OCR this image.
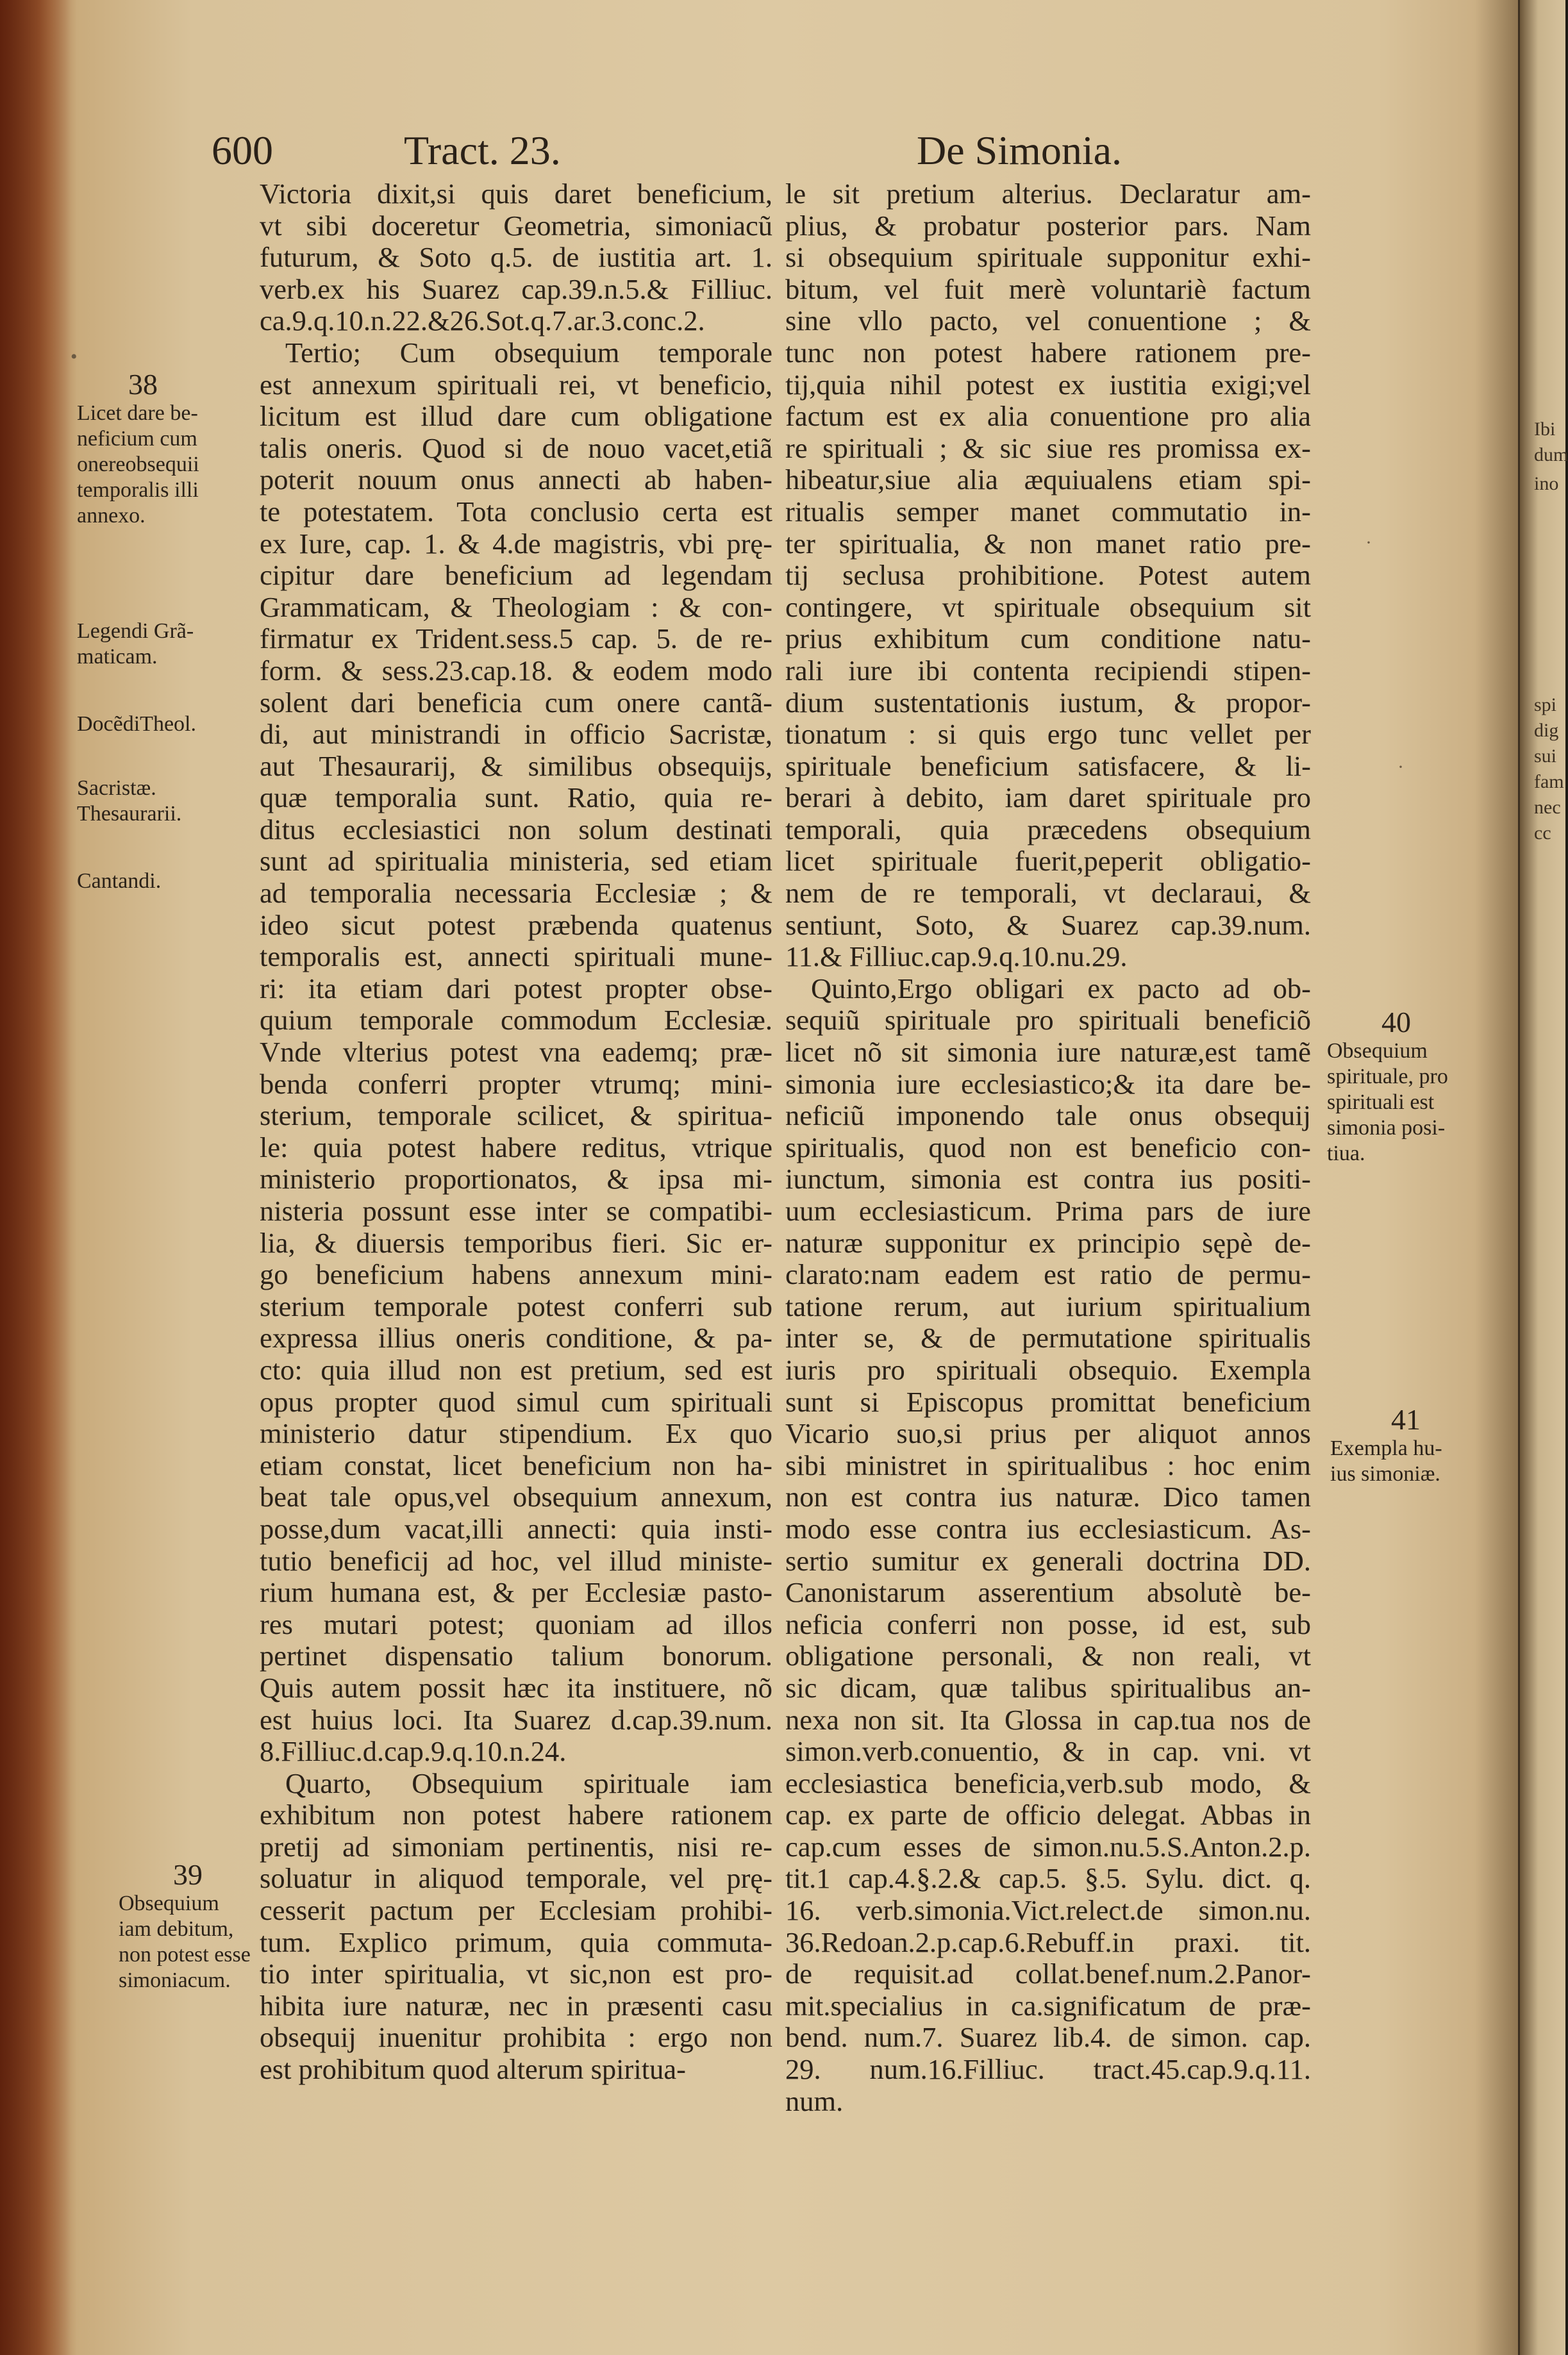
600	Tract. 23.	De Simonia.
Victoria dixit,si quis daret beneficium,
vt sibi doceretur Geometria, simoniacũ
futurum, & Soto q.5. de iustitia art. 1.
verb.ex his Suarez cap.39.n.5.& Filliuc.
ca.9.q.10.n.22.&26.Sot.q.7.ar.3.conc.2.
Tertio; Cum obsequium temporale
est annexum spirituali rei, vt beneficio,
licitum est illud dare cum obligatione
talis oneris. Quod si de nouo vacet,etiã
poterit nouum onus annecti ab haben-
te potestatem. Tota conclusio certa est
ex Iure, cap. 1. & 4.de magistris, vbi prę-
cipitur dare beneficium ad legendam
Grammaticam, & Theologiam : & con-
firmatur ex Trident.sess.5 cap. 5. de re-
form. & sess.23.cap.18. & eodem modo
solent dari beneficia cum onere cantã-
di, aut ministrandi in officio Sacristæ,
aut Thesaurarij, & similibus obsequijs,
quæ temporalia sunt. Ratio, quia re-
ditus ecclesiastici non solum destinati
sunt ad spiritualia ministeria, sed etiam
ad temporalia necessaria Ecclesiæ ; &
ideo sicut potest præbenda quatenus
temporalis est, annecti spirituali mune-
ri: ita etiam dari potest propter obse-
quium temporale commodum Ecclesiæ.
Vnde vlterius potest vna eademq; præ-
benda conferri propter vtrumq; mini-
sterium, temporale scilicet, & spiritua-
le: quia potest habere reditus, vtrique
ministerio proportionatos, & ipsa mi-
nisteria possunt esse inter se compatibi-
lia, & diuersis temporibus fieri. Sic er-
go beneficium habens annexum mini-
sterium temporale potest conferri sub
expressa illius oneris conditione, & pa-
cto: quia illud non est pretium, sed est
opus propter quod simul cum spirituali
ministerio datur stipendium. Ex quo
etiam constat, licet beneficium non ha-
beat tale opus,vel obsequium annexum,
posse,dum vacat,illi annecti: quia insti-
tutio beneficij ad hoc, vel illud ministe-
rium humana est, & per Ecclesiæ pasto-
res mutari potest; quoniam ad illos
pertinet dispensatio talium bonorum.
Quis autem possit hæc ita instituere, nõ
est huius loci. Ita Suarez d.cap.39.num.
8.Filliuc.d.cap.9.q.10.n.24.
Quarto, Obsequium spirituale iam
exhibitum non potest habere rationem
pretij ad simoniam pertinentis, nisi re-
soluatur in aliquod temporale, vel prę-
cesserit pactum per Ecclesiam prohibi-
tum. Explico primum, quia commuta-
tio inter spiritualia, vt sic,non est pro-
hibita iure naturæ, nec in præsenti casu
obsequij inuenitur prohibita : ergo non
est prohibitum quod alterum spiritua-
le sit pretium alterius. Declaratur am-
plius, & probatur posterior pars. Nam
si obsequium spirituale supponitur exhi-
bitum, vel fuit merè voluntariè factum
sine vllo pacto, vel conuentione ; &
tunc non potest habere rationem pre-
tij,quia nihil potest ex iustitia exigi;vel
factum est ex alia conuentione pro alia
re spirituali ; & sic siue res promissa ex-
hibeatur,siue alia æquiualens etiam spi-
ritualis semper manet commutatio in-
ter spiritualia, & non manet ratio pre-
tij seclusa prohibitione. Potest autem
contingere, vt spirituale obsequium sit
prius exhibitum cum conditione natu-
rali iure ibi contenta recipiendi stipen-
dium sustentationis iustum, & propor-
tionatum : si quis ergo tunc vellet per
spirituale beneficium satisfacere, & li-
berari à debito, iam daret spirituale pro
temporali, quia præcedens obsequium
licet spirituale fuerit,peperit obligatio-
nem de re temporali, vt declaraui, &
sentiunt, Soto, & Suarez cap.39.num.
11.& Filliuc.cap.9.q.10.nu.29.
Quinto,Ergo obligari ex pacto ad ob-
sequiũ spirituale pro spirituali beneficiõ
licet nõ sit simonia iure naturæ,est tamẽ
simonia iure ecclesiastico;& ita dare be-
neficiũ imponendo tale onus obsequij
spiritualis, quod non est beneficio con-
iunctum, simonia est contra ius positi-
uum ecclesiasticum. Prima pars de iure
naturæ supponitur ex principio sępè de-
clarato:nam eadem est ratio de permu-
tatione rerum, aut iurium spiritualium
inter se, & de permutatione spiritualis
iuris pro spirituali obsequio. Exempla
sunt si Episcopus promittat beneficium
Vicario suo,si prius per aliquot annos
sibi ministret in spiritualibus : hoc enim
non est contra ius naturæ. Dico tamen
modo esse contra ius ecclesiasticum. As-
sertio sumitur ex generali doctrina DD.
Canonistarum asserentium absolutè be-
neficia conferri non posse, id est, sub
obligatione personali, & non reali, vt
sic dicam, quæ talibus spiritualibus an-
nexa non sit. Ita Glossa in cap.tua nos de
simon.verb.conuentio, & in cap. vni. vt
ecclesiastica beneficia,verb.sub modo, &
cap. ex parte de officio delegat. Abbas in
cap.cum esses de simon.nu.5.S.Anton.2.p.
tit.1 cap.4.§.2.& cap.5. §.5. Sylu. dict. q.
16. verb.simonia.Vict.relect.de simon.nu.
36.Redoan.2.p.cap.6.Rebuff.in praxi. tit.
de requisit.ad collat.benef.num.2.Panor-
mit.specialius in ca.significatum de præ-
bend. num.7. Suarez lib.4. de simon. cap.
29. num.16.Filliuc. tract.45.cap.9.q.11.
num.
38
Licet dare be-
neficium cum
onereobsequii
temporalis illi
annexo.
Legendi Grã-
maticam.
DocẽdiTheol.
Sacristæ.
Thesaurarii.
Cantandi.
39
Obsequium
iam debitum,
non potest esse
simoniacum.
40
Obsequium
spirituale, pro
spirituali est
simonia posi-
tiua.
41
Exempla hu-
ius simoniæ.
•
·
·
Ibi
dum
ino
spi
dig
sui
fam
nec
cc
